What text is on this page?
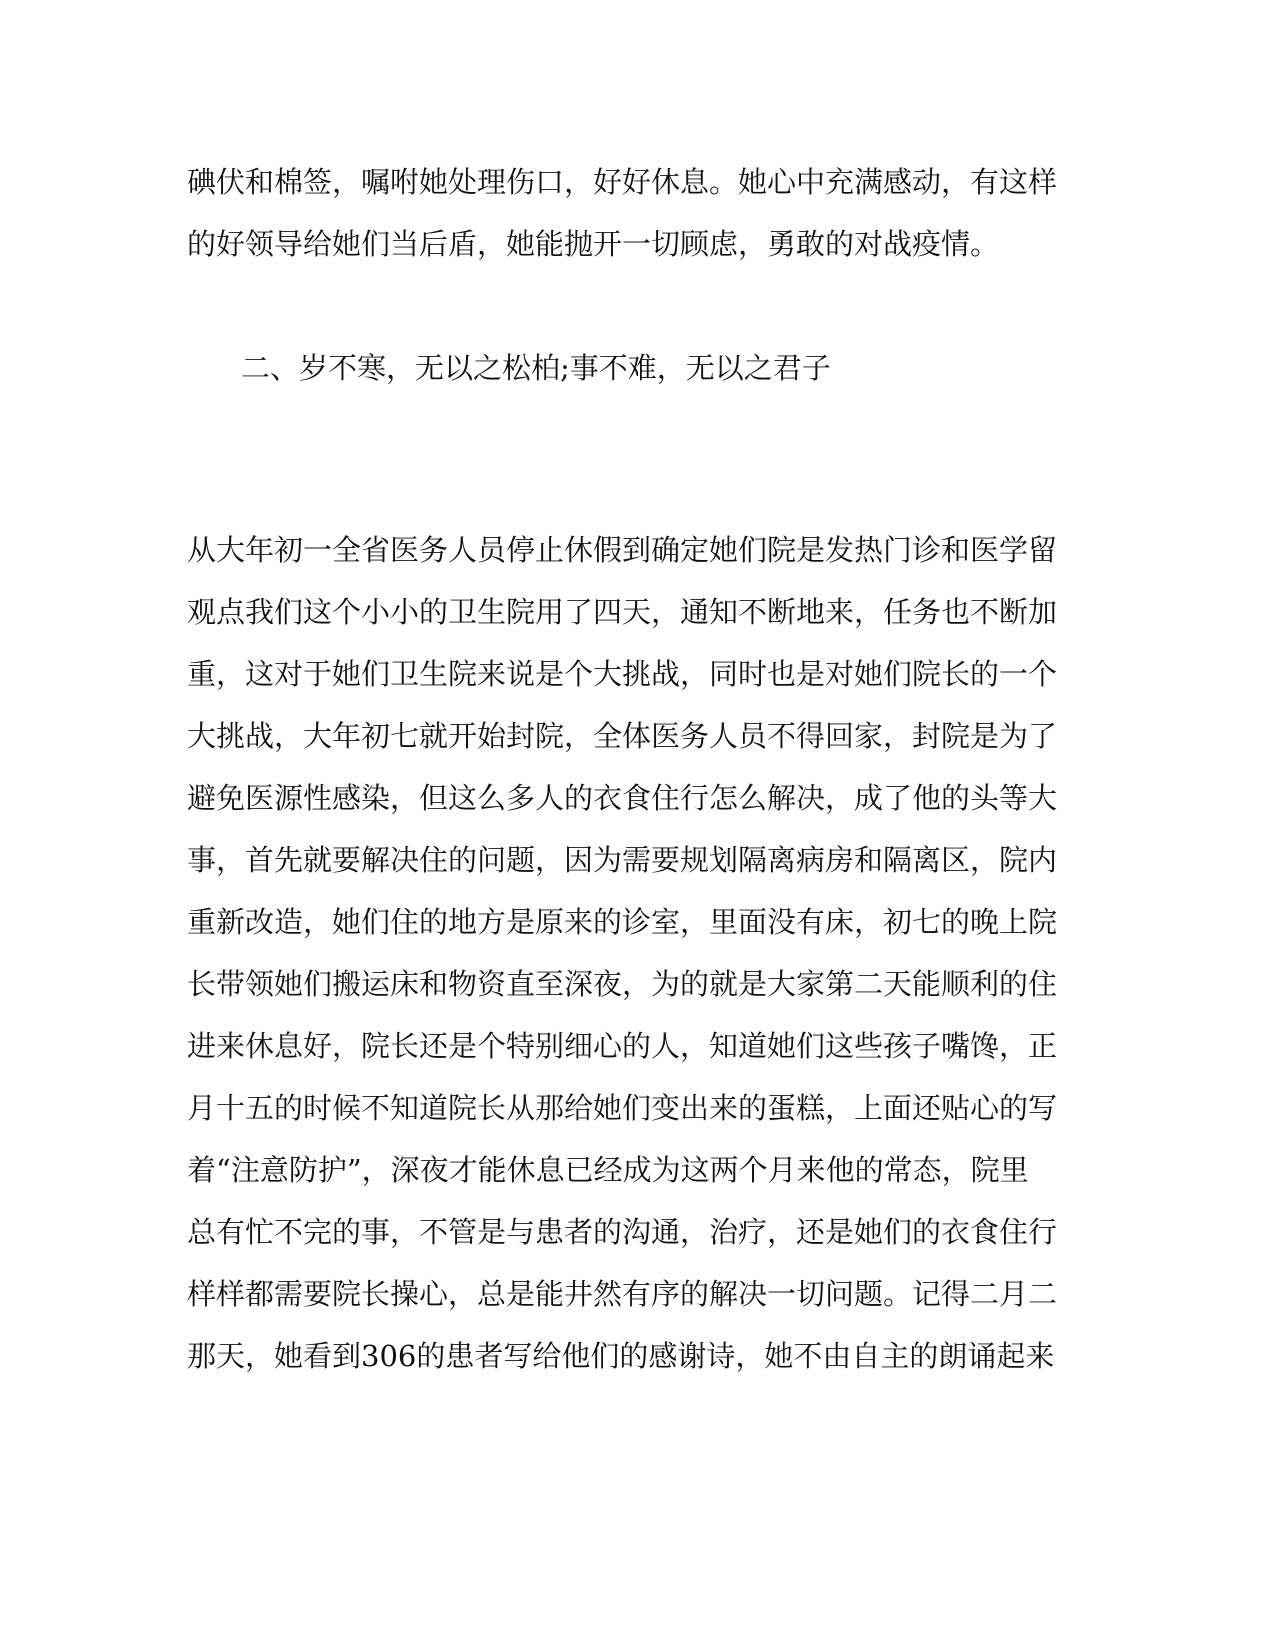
碘伏和棉签，嘱咐她处理伤口，好好休息。她心中充满感动，有这样
的好领导给她们当后盾，她能抛开一切顾虑，勇敢的对战疫情。
二、岁不寒，无以之松柏;事不难，无以之君子
从大年初一全省医务人员停止休假到确定她们院是发热门诊和医学留
观点我们这个小小的卫生院用了四天，通知不断地来，任务也不断加
重，这对于她们卫生院来说是个大挑战，同时也是对她们院长的一个
大挑战，大年初七就开始封院，全体医务人员不得回家，封院是为了
避免医源性感染，但这么多人的衣食住行怎么解决，成了他的头等大
事，首先就要解决住的问题，因为需要规划隔离病房和隔离区，院内
重新改造，她们住的地方是原来的诊室，里面没有床，初七的晚上院
长带领她们搬运床和物资直至深夜，为的就是大家第二天能顺利的住
进来休息好，院长还是个特别细心的人，知道她们这些孩子嘴馋，正
月十五的时候不知道院长从那给她们变出来的蛋糕，上面还贴心的写
着“注意防护”，深夜才能休息已经成为这两个月来他的常态，院里
总有忙不完的事，不管是与患者的沟通，治疗，还是她们的衣食住行
样样都需要院长操心，总是能井然有序的解决一切问题。记得二月二
那天，她看到306的患者写给他们的感谢诗，她不由自主的朗诵起来
